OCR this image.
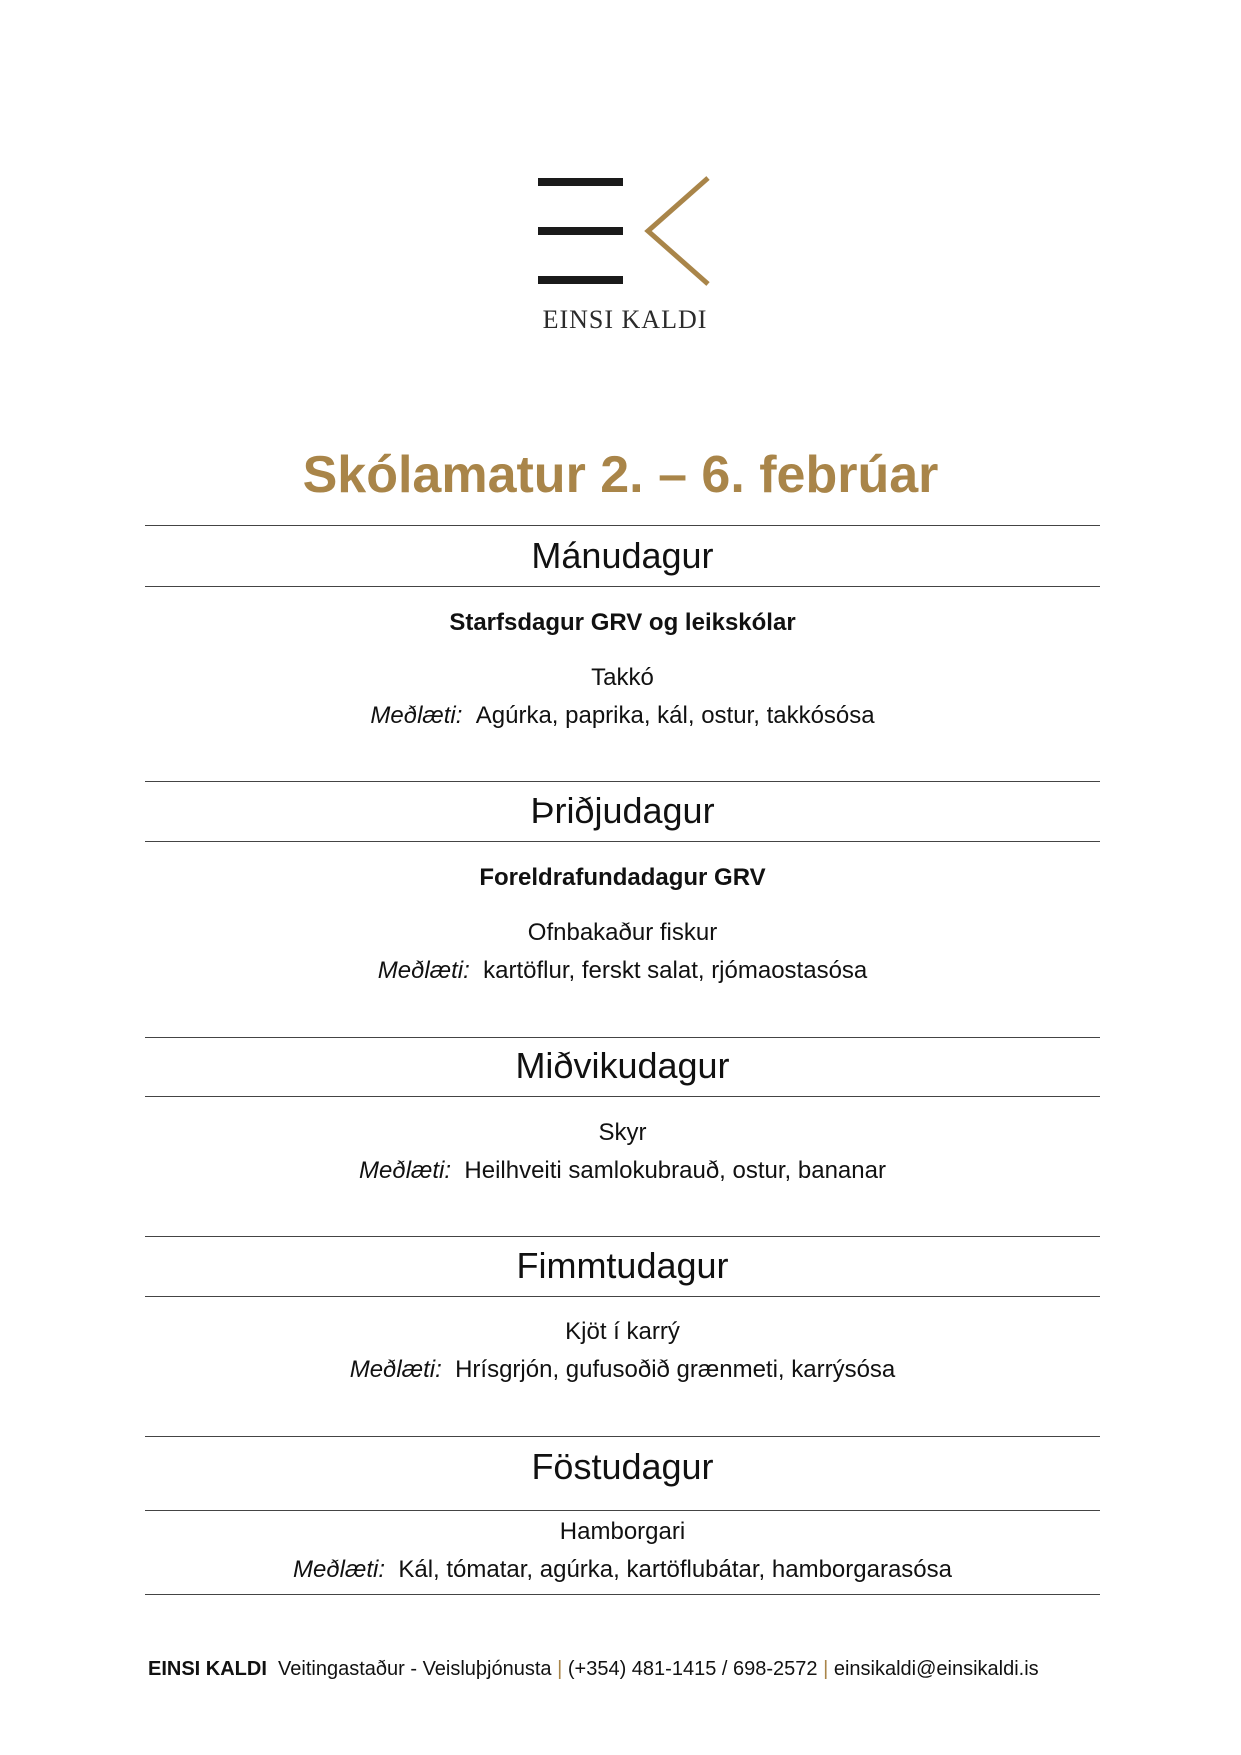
EINSI KALDI
Skólamatur 2. – 6. febrúar
Mánudagur
Starfsdagur GRV og leikskólar
Takkó
Meðlæti: Agúrka, paprika, kál, ostur, takkósósa
Þriðjudagur
Foreldrafundadagur GRV
Ofnbakaður fiskur
Meðlæti: kartöflur, ferskt salat, rjómaostasósa
Miðvikudagur
Skyr
Meðlæti: Heilhveiti samlokubrauð, ostur, bananar
Fimmtudagur
Kjöt í karrý
Meðlæti: Hrísgrjón, gufusoðið grænmeti, karrýsósa
Föstudagur
Hamborgari
Meðlæti: Kál, tómatar, agúrka, kartöflubátar, hamborgarasósa
EINSI KALDI Veitingastaður - Veisluþjónusta | (+354) 481-1415 / 698-2572 | einsikaldi@einsikaldi.is
